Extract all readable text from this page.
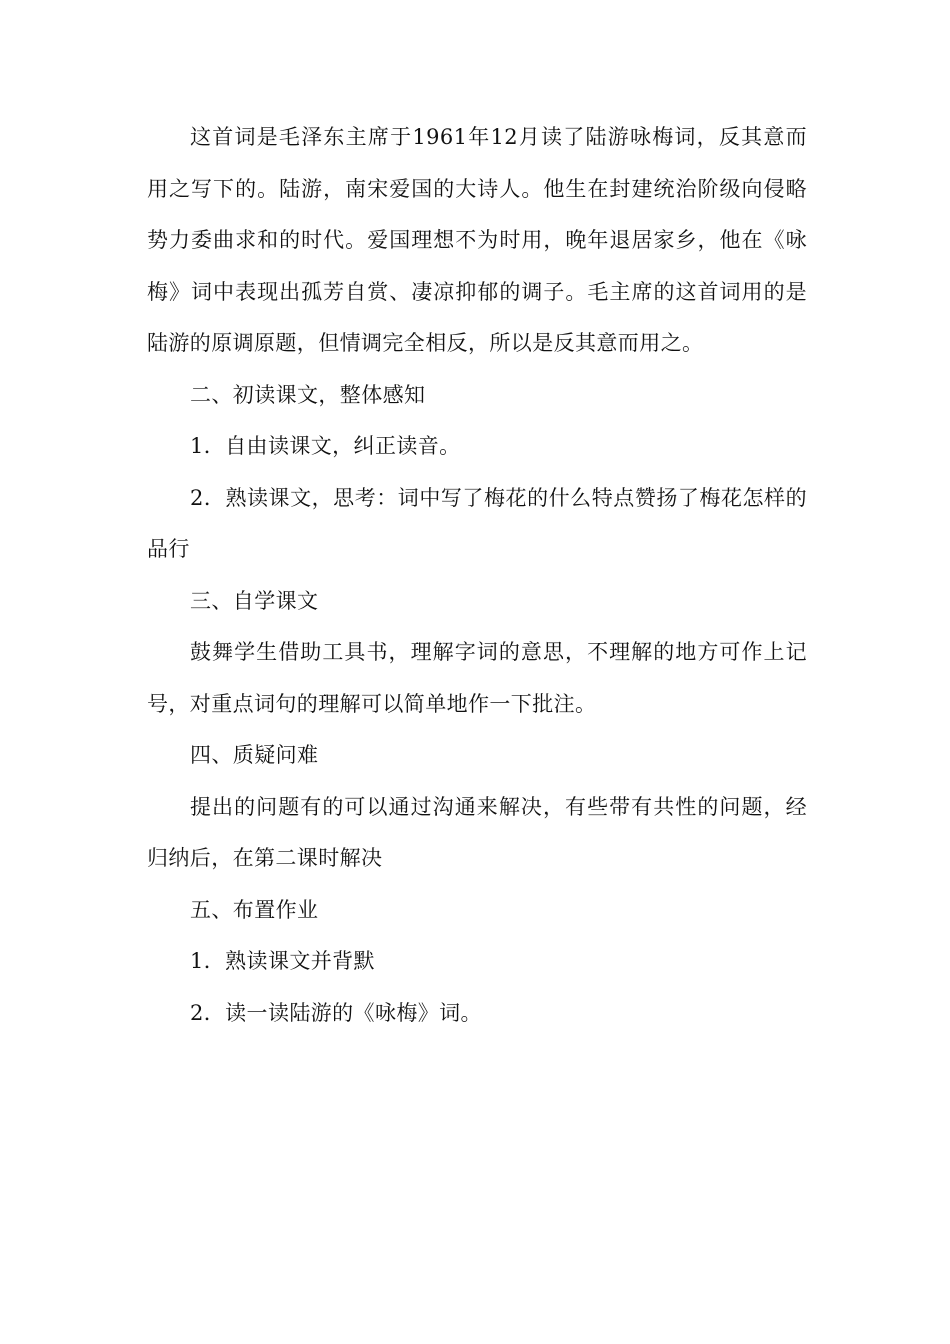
这首词是毛泽东主席于1961年12月读了陆游咏梅词，反其意而用之写下的。陆游，南宋爱国的大诗人。他生在封建统治阶级向侵略势力委曲求和的时代。爱国理想不为时用，晚年退居家乡，他在《咏梅》词中表现出孤芳自赏、凄凉抑郁的调子。毛主席的这首词用的是陆游的原调原题，但情调完全相反，所以是反其意而用之。

二、初读课文，整体感知

1．自由读课文，纠正读音。

2．熟读课文，思考：词中写了梅花的什么特点赞扬了梅花怎样的品行

三、自学课文

鼓舞学生借助工具书，理解字词的意思，不理解的地方可作上记号，对重点词句的理解可以简单地作一下批注。

四、质疑问难

提出的问题有的可以通过沟通来解决，有些带有共性的问题，经归纳后，在第二课时解决

五、布置作业

1．熟读课文并背默

2．读一读陆游的《咏梅》词。
